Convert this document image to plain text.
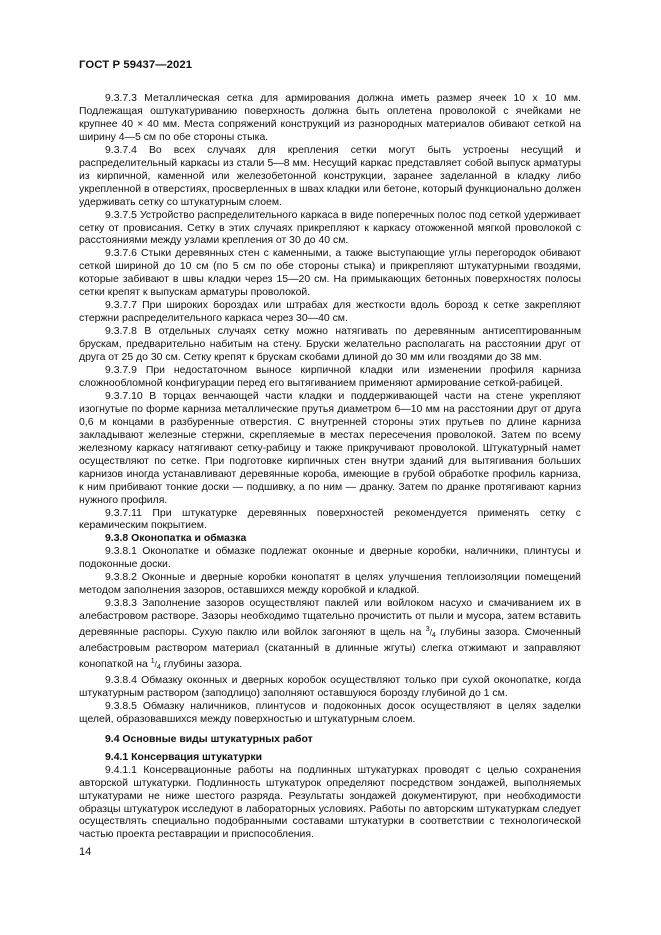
ГОСТ Р 59437—2021

9.3.7.3 Металлическая сетка для армирования должна иметь размер ячеек 10 x 10 мм. Подлежащая оштукатуриванию поверхность должна быть оплетена проволокой с ячейками не крупнее 40 × 40 мм. Места сопряжений конструкций из разнородных материалов обивают сеткой на ширину 4—5 см по обе стороны стыка.

9.3.7.4 Во всех случаях для крепления сетки могут быть устроены несущий и распределительный каркасы из стали 5—8 мм. Несущий каркас представляет собой выпуск арматуры из кирпичной, каменной или железобетонной конструкции, заранее заделанной в кладку либо укрепленной в отверстиях, просверленных в швах кладки или бетоне, который функционально должен удерживать сетку со штукатурным слоем.

9.3.7.5 Устройство распределительного каркаса в виде поперечных полос под сеткой удерживает сетку от провисания. Сетку в этих случаях прикрепляют к каркасу отожженной мягкой проволокой с расстояниями между узлами крепления от 30 до 40 см.

9.3.7.6 Стыки деревянных стен с каменными, а также выступающие углы перегородок обивают сеткой шириной до 10 см (по 5 см по обе стороны стыка) и прикрепляют штукатурными гвоздями, которые забивают в швы кладки через 15—20 см. На примыкающих бетонных поверхностях полосы сетки крепят к выпускам арматуры проволокой.

9.3.7.7 При широких бороздах или штрабах для жесткости вдоль борозд к сетке закрепляют стержни распределительного каркаса через 30—40 см.

9.3.7.8 В отдельных случаях сетку можно натягивать по деревянным антисептированным брускам, предварительно набитым на стену. Бруски желательно располагать на расстоянии друг от друга от 25 до 30 см. Сетку крепят к брускам скобами длиной до 30 мм или гвоздями до 38 мм.

9.3.7.9 При недостаточном выносе кирпичной кладки или изменении профиля карниза сложнообломной конфигурации перед его вытягиванием применяют армирование сеткой-рабицей.

9.3.7.10 В торцах венчающей части кладки и поддерживающей части на стене укрепляют изогнутые по форме карниза металлические прутья диаметром 6—10 мм на расстоянии друг от друга 0,6 м концами в разбуренные отверстия. С внутренней стороны этих прутьев по длине карниза закладывают железные стержни, скрепляемые в местах пересечения проволокой. Затем по всему железному каркасу натягивают сетку-рабицу и также прикручивают проволокой. Штукатурный намет осуществляют по сетке. При подготовке кирпичных стен внутри зданий для вытягивания больших карнизов иногда устанавливают деревянные короба, имеющие в грубой обработке профиль карниза, к ним прибивают тонкие доски — подшивку, а по ним — дранку. Затем по дранке протягивают карниз нужного профиля.

9.3.7.11 При штукатурке деревянных поверхностей рекомендуется применять сетку с керамическим покрытием.

9.3.8 Оконопатка и обмазка

9.3.8.1 Оконопатке и обмазке подлежат оконные и дверные коробки, наличники, плинтусы и подоконные доски.

9.3.8.2 Оконные и дверные коробки конопатят в целях улучшения теплоизоляции помещений методом заполнения зазоров, оставшихся между коробкой и кладкой.

9.3.8.3 Заполнение зазоров осуществляют паклей или войлоком насухо и смачиванием их в алебастровом растворе. Зазоры необходимо тщательно прочистить от пыли и мусора, затем вставить деревянные распоры. Сухую паклю или войлок загоняют в щель на $^3/_4$ глубины зазора. Смоченный алебастровым раствором материал (скатанный в длинные жгуты) слегка отжимают и заправляют конопаткой на $^1/_4$ глубины зазора.

9.3.8.4 Обмазку оконных и дверных коробок осуществляют только при сухой оконопатке, когда штукатурным раствором (заподлицо) заполняют оставшуюся борозду глубиной до 1 см.

9.3.8.5 Обмазку наличников, плинтусов и подоконных досок осуществляют в целях заделки щелей, образовавшихся между поверхностью и штукатурным слоем.

9.4 Основные виды штукатурных работ

9.4.1 Консервация штукатурки

9.4.1.1 Консервационные работы на подлинных штукатурках проводят с целью сохранения авторской штукатурки. Подлинность штукатурок определяют посредством зондажей, выполняемых штукатурами не ниже шестого разряда. Результаты зондажей документируют, при необходимости образцы штукатурок исследуют в лабораторных условиях. Работы по авторским штукатуркам следует осуществлять специально подобранными составами штукатурки в соответствии с технологической частью проекта реставрации и приспособления.

14
